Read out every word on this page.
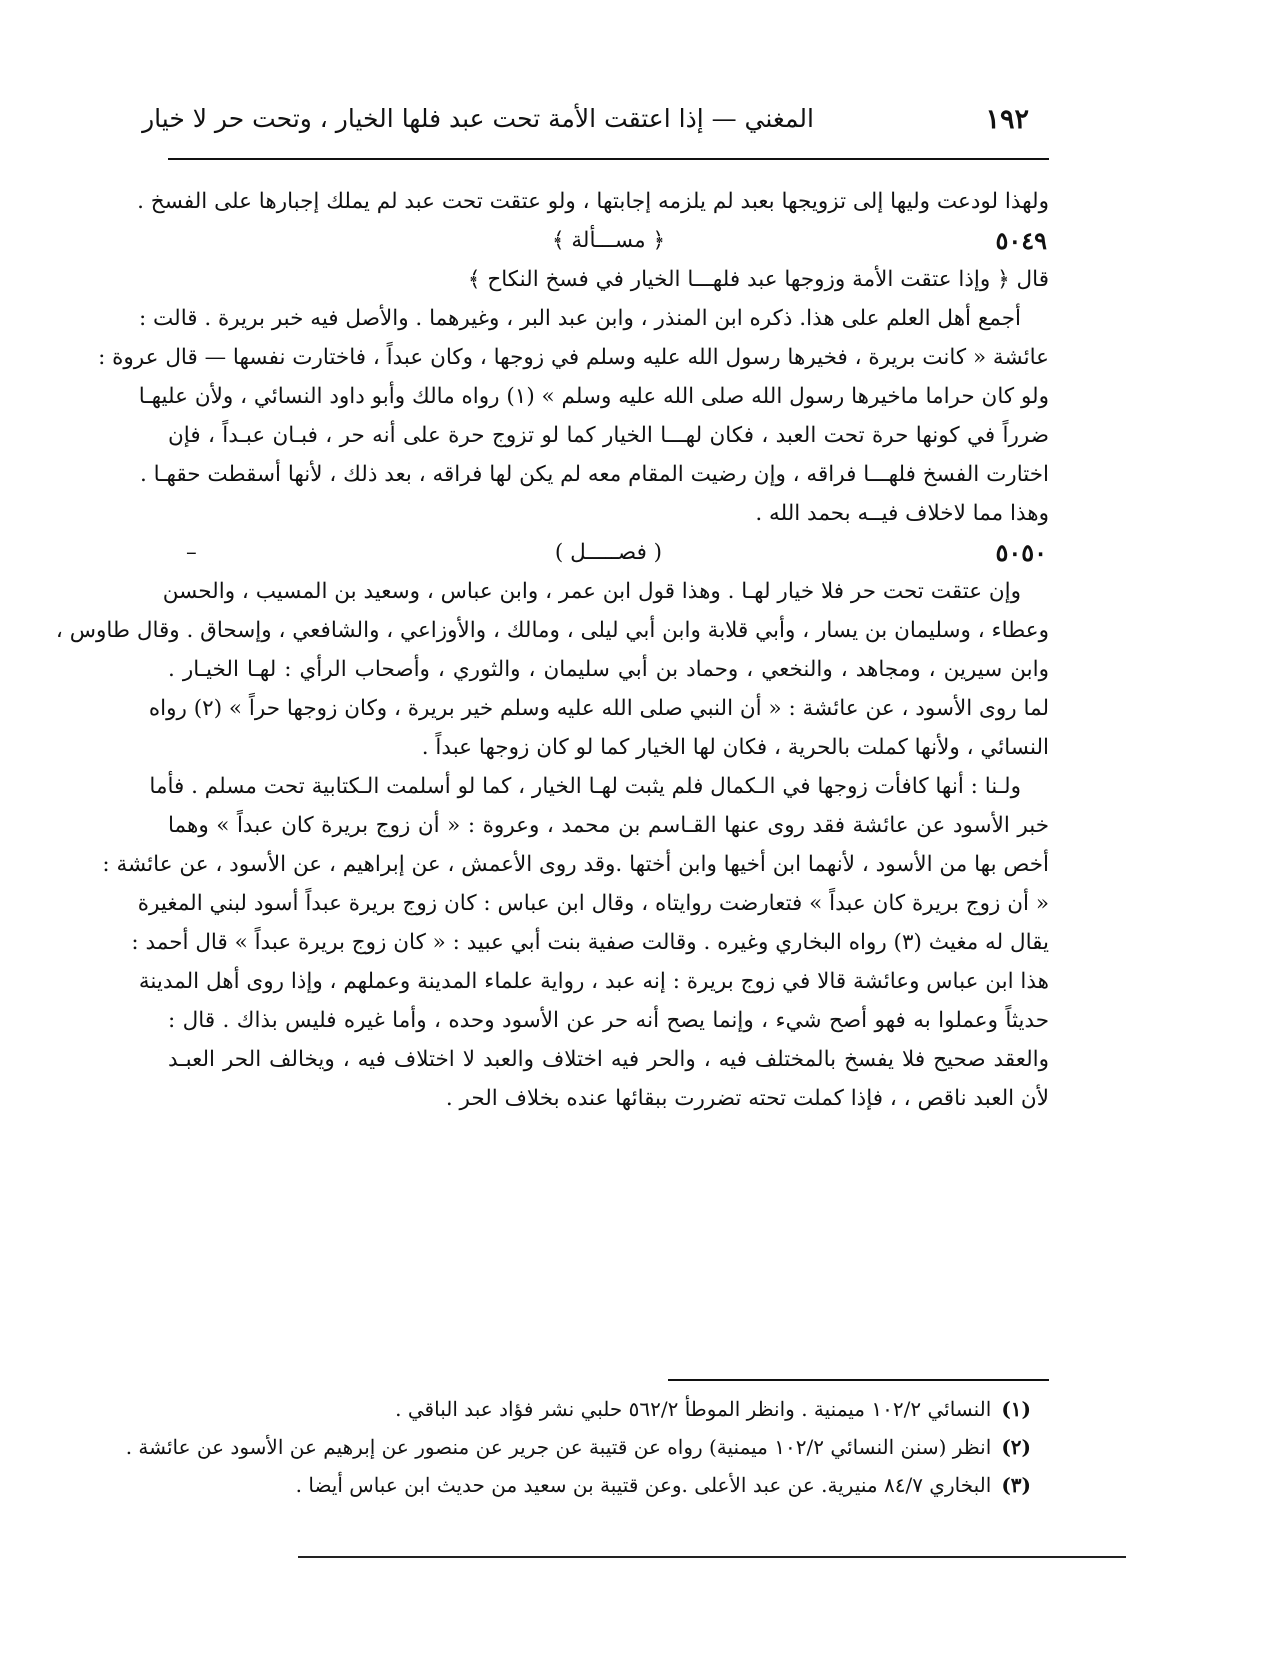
١٩٢
المغني — إذا اعتقت الأمة تحت عبد فلها الخيار ، وتحت حر لا خيار
ولهذا لودعت وليها إلى تزويجها بعبد لم يلزمه إجابتها ، ولو عتقت تحت عبد لم يملك إجبارها على الفسخ .
٥٠٤٩
﴿ مســـألة ﴾
قال ﴿ وإذا عتقت الأمة وزوجها عبد فلهـــا الخيار في فسخ النكاح ﴾
أجمع أهل العلم على هذا. ذكره ابن المنذر ، وابن عبد البر ، وغيرهما . والأصل فيه خبر بريرة . قالت :
عائشة « كانت بريرة ، فخيرها رسول الله عليه وسلم في زوجها ، وكان عبداً ، فاختارت نفسها — قال عروة :
ولو كان حراما ماخيرها رسول الله صلى الله عليه وسلم » (١) رواه مالك وأبو داود النسائي ، ولأن عليهـا
ضرراً في كونها حرة تحت العبد ، فكان لهـــا الخيار كما لو تزوج حرة على أنه حر ، فبـان عبـداً ، فإن
اختارت الفسخ فلهـــا فراقه ، وإن رضيت المقام معه لم يكن لها فراقه ، بعد ذلك ، لأنها أسقطت حقهـا .
وهذا مما لاخلاف فيــه بحمد الله .
٥٠٥٠
( فصـــــل )
–
وإن عتقت تحت حر فلا خيار لهـا . وهذا قول ابن عمر ، وابن عباس ، وسعيد بن المسيب ، والحسن
وعطاء ، وسليمان بن يسار ، وأبي قلابة وابن أبي ليلى ، ومالك ، والأوزاعي ، والشافعي ، وإسحاق . وقال طاوس ،
وابن سيرين ، ومجاهد ، والنخعي ، وحماد بن أبي سليمان ، والثوري ، وأصحاب الرأي : لهـا الخيـار .
لما روى الأسود ، عن عائشة : « أن النبي صلى الله عليه وسلم خير بريرة ، وكان زوجها حراً » (٢) رواه
النسائي ، ولأنها كملت بالحرية ، فكان لها الخيار كما لو كان زوجها عبداً .
ولـنا : أنها كافأت زوجها في الـكمال فلم يثبت لهـا الخيار ، كما لو أسلمت الـكتابية تحت مسلم . فأما
خبر الأسود عن عائشة فقد روى عنها القـاسم بن محمد ، وعروة : « أن زوج بريرة كان عبداً » وهما
أخص بها من الأسود ، لأنهما ابن أخيها وابن أختها .وقد روى الأعمش ، عن إبراهيم ، عن الأسود ، عن عائشة :
« أن زوج بريرة كان عبداً » فتعارضت روايتاه ، وقال ابن عباس : كان زوج بريرة عبداً أسود لبني المغيرة
يقال له مغيث (٣) رواه البخاري وغيره . وقالت صفية بنت أبي عبيد : « كان زوج بريرة عبداً » قال أحمد :
هذا ابن عباس وعائشة قالا في زوج بريرة : إنه عبد ، رواية علماء المدينة وعملهم ، وإذا روى أهل المدينة
حديثاً وعملوا به فهو أصح شيء ، وإنما يصح أنه حر عن الأسود وحده ، وأما غيره فليس بذاك . قال :
والعقد صحيح فلا يفسخ بالمختلف فيه ، والحر فيه اختلاف والعبد لا اختلاف فيه ، ويخالف الحر العبـد
لأن العبد ناقص ، ، فإذا كملت تحته تضررت ببقائها عنده بخلاف الحر .
(١)النسائي ١٠٢/٢ ميمنية . وانظر الموطأ ٥٦٢/٢ حلبي نشر فؤاد عبد الباقي .
(٢)انظر (سنن النسائي ١٠٢/٢ ميمنية) رواه عن قتيبة عن جرير عن منصور عن إبرهيم عن الأسود عن عائشة .
(٣)البخاري ٨٤/٧ منيرية. عن عبد الأعلى .وعن قتيبة بن سعيد من حديث ابن عباس أيضا .
